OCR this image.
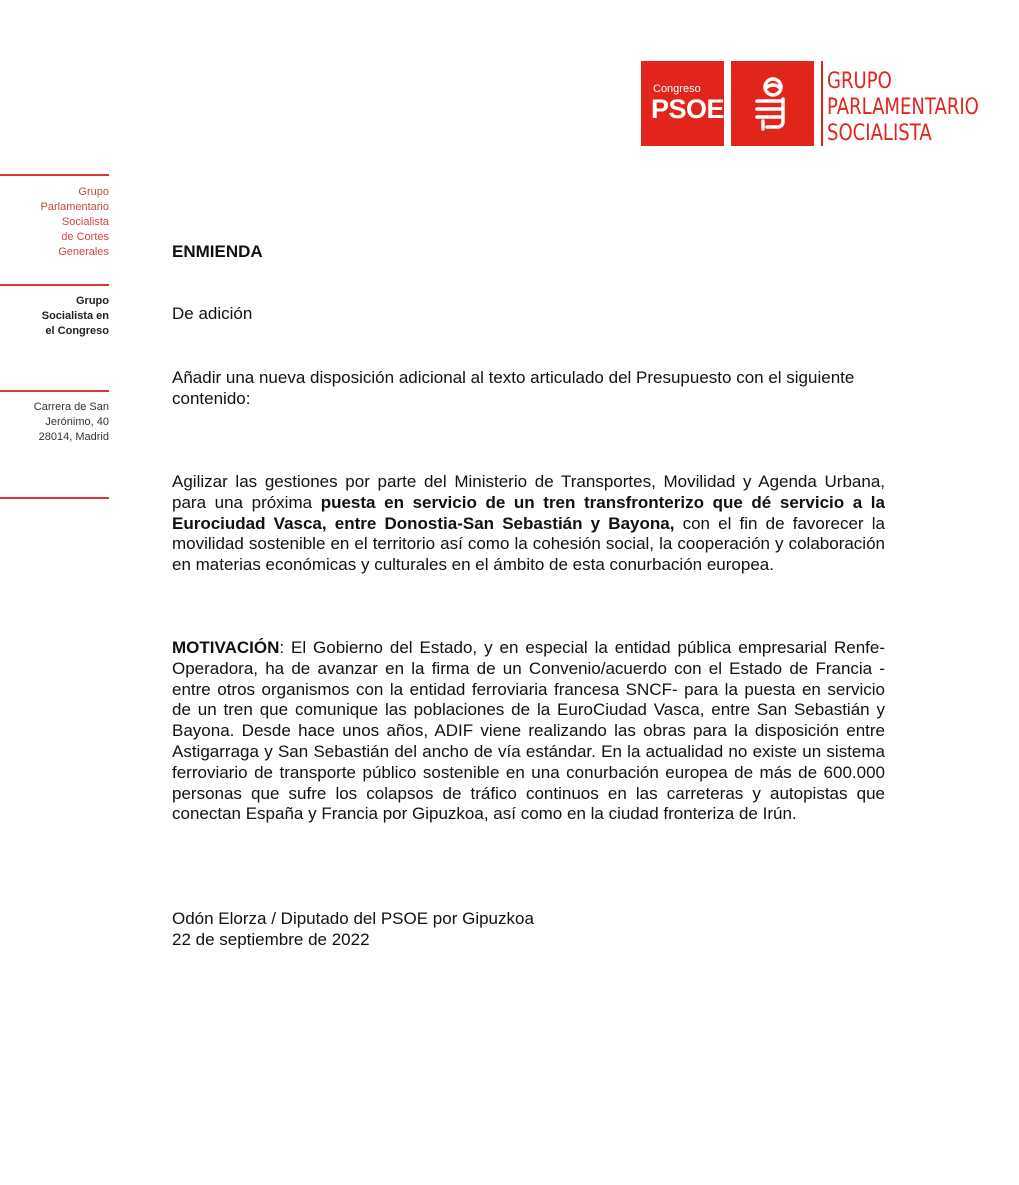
Congreso
PSOE
GRUPO
PARLAMENTARIO
SOCIALISTA
Grupo
Parlamentario
Socialista
de Cortes
Generales
Grupo
Socialista en
el Congreso
Carrera de San
Jerónimo, 40
28014, Madrid

ENMIENDA

De adición

Añadir una nueva disposición adicional al texto articulado del Presupuesto con el siguiente contenido:

Agilizar las gestiones por parte del Ministerio de Transportes, Movilidad y Agenda Urbana, para una próxima puesta en servicio de un tren transfronterizo que dé servicio a la Eurociudad Vasca, entre Donostia-San Sebastián y Bayona, con el fin de favorecer la movilidad sostenible en el territorio así como la cohesión social, la cooperación y colaboración en materias económicas y culturales en el ámbito de esta conurbación europea.

MOTIVACIÓN: El Gobierno del Estado, y en especial la entidad pública empresarial Renfe- Operadora, ha de avanzar en la firma de un Convenio/acuerdo con el Estado de Francia -entre otros organismos con la entidad ferroviaria francesa SNCF- para la puesta en servicio de un tren que comunique las poblaciones de la EuroCiudad Vasca, entre San Sebastián y Bayona. Desde hace unos años, ADIF viene realizando las obras para la disposición entre Astigarraga y San Sebastián del ancho de vía estándar. En la actualidad no existe un sistema ferroviario de transporte público sostenible en una conurbación europea de más de 600.000 personas que sufre los colapsos de tráfico continuos en las carreteras y autopistas que conectan España y Francia por Gipuzkoa, así como en la ciudad fronteriza de Irún.

Odón Elorza / Diputado del PSOE por Gipuzkoa

22 de septiembre de 2022
